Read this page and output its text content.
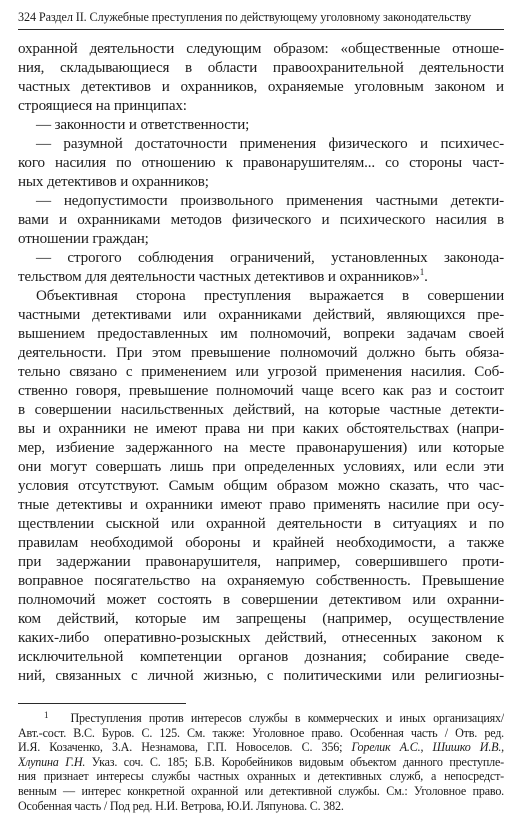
324 Раздел II. Служебные преступления по действующему уголовному законодательству
охранной деятельности следующим образом: «общественные отноше-
ния, складывающиеся в области правоохранительной деятельности
частных детективов и охранников, охраняемые уголовным законом и
строящиеся на принципах:
— законности и ответственности;
— разумной достаточности применения физического и психичес-
кого насилия по отношению к правонарушителям... со стороны част-
ных детективов и охранников;
— недопустимости произвольного применения частными детекти-
вами и охранниками методов физического и психического насилия в
отношении граждан;
— строгого соблюдения ограничений, установленных законода-
тельством для деятельности частных детективов и охранников»$^1$.
Объективная сторона преступления выражается в совершении
частными детективами или охранниками действий, являющихся пре-
вышением предоставленных им полномочий, вопреки задачам своей
деятельности. При этом превышение полномочий должно быть обяза-
тельно связано с применением или угрозой применения насилия. Соб-
ственно говоря, превышение полномочий чаще всего как раз и состоит
в совершении насильственных действий, на которые частные детекти-
вы и охранники не имеют права ни при каких обстоятельствах (напри-
мер, избиение задержанного на месте правонарушения) или которые
они могут совершать лишь при определенных условиях, или если эти
условия отсутствуют. Самым общим образом можно сказать, что час-
тные детективы и охранники имеют право применять насилие при осу-
ществлении сыскной или охранной деятельности в ситуациях и по
правилам необходимой обороны и крайней необходимости, а также
при задержании правонарушителя, например, совершившего проти-
воправное посягательство на охраняемую собственность. Превышение
полномочий может состоять в совершении детективом или охранни-
ком действий, которые им запрещены (например, осуществление
каких-либо оперативно-розыскных действий, отнесенных законом к
исключительной компетенции органов дознания; собирание сведе-
ний, связанных с личной жизнью, с политическими или религиозны-
$^1$ Преступления против интересов службы в коммерческих и иных организациях/
Авт.-сост. В.С. Буров. С. 125. См. также: Уголовное право. Особенная часть / Отв. ред.
И.Я. Козаченко, З.А. Незнамова, Г.П. Новоселов. С. 356; Горелик А.С., Шишко И.В.,
Хлупина Г.Н. Указ. соч. С. 185; Б.В. Коробейников видовым объектом данного преступле-
ния признает интересы службы частных охранных и детективных служб, а непосредст-
венным — интерес конкретной охранной или детективной службы. См.: Уголовное право.
Особенная часть / Под ред. Н.И. Ветрова, Ю.И. Ляпунова. С. 382.
